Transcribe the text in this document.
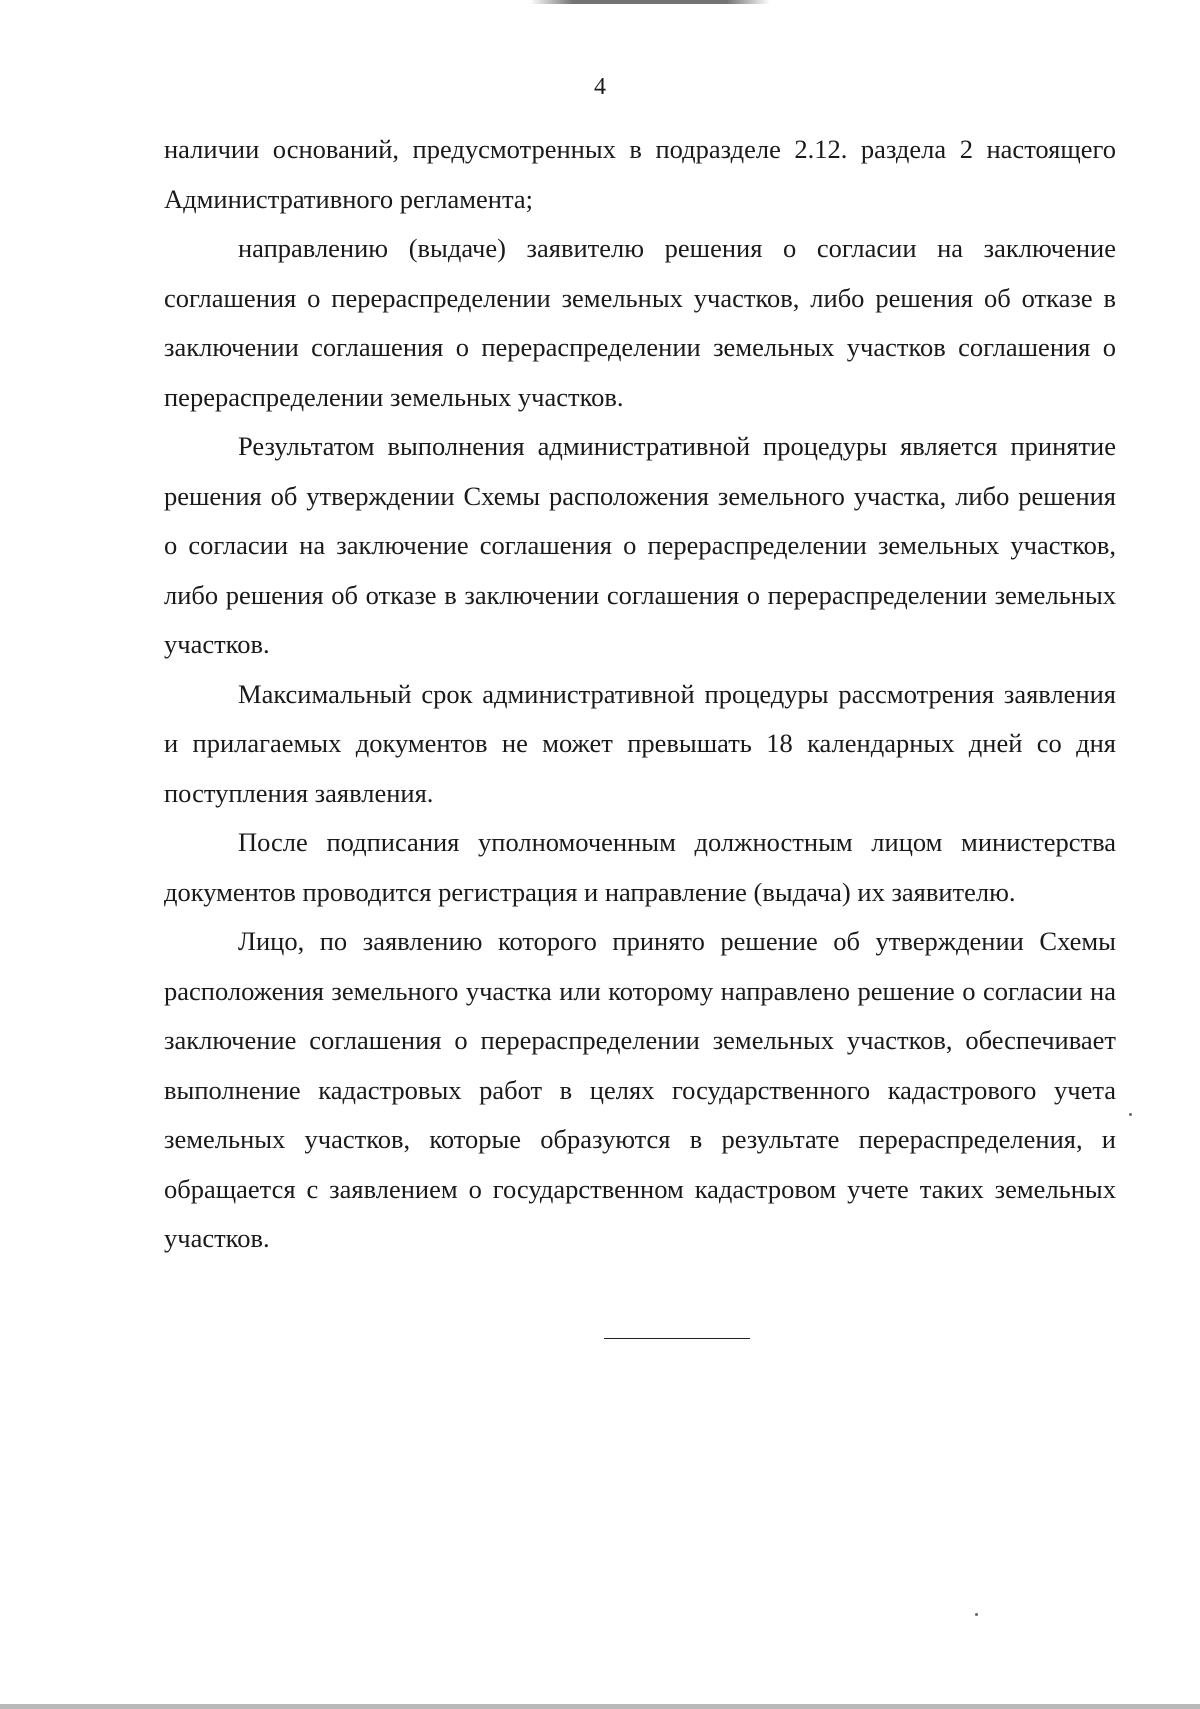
4

наличии оснований, предусмотренных в подразделе 2.12. раздела 2 настоящего Административного регламента;

направлению (выдаче) заявителю решения о согласии на заключение соглашения о перераспределении земельных участков, либо решения об отказе в заключении соглашения о перераспределении земельных участков соглашения о перераспределении земельных участков.

Результатом выполнения административной процедуры является принятие решения об утверждении Схемы расположения земельного участка, либо решения о согласии на заключение соглашения о перераспределении земельных участков, либо решения об отказе в заключении соглашения о перераспределении земельных участков.

Максимальный срок административной процедуры рассмотрения заявления и прилагаемых документов не может превышать 18 календарных дней со дня поступления заявления.

После подписания уполномоченным должностным лицом министерства документов проводится регистрация и направление (выдача) их заявителю.

Лицо, по заявлению которого принято решение об утверждении Схемы расположения земельного участка или которому направлено решение о согласии на заключение соглашения о перераспределении земельных участков, обеспечивает выполнение кадастровых работ в целях государственного кадастрового учета земельных участков, которые образуются в результате перераспределения, и обращается с заявлением о государственном кадастровом учете таких земельных участков.
